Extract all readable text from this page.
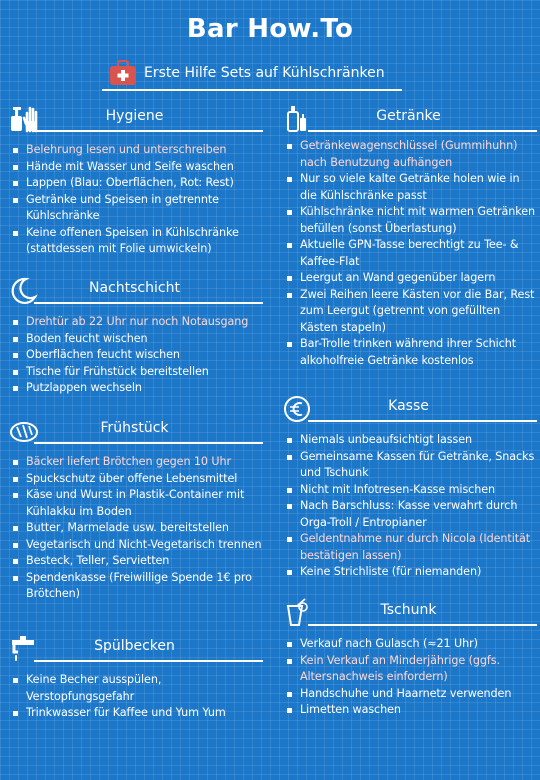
Bar How.To
Erste Hilfe Sets auf Kühlschränken
Hygiene
Belehrung lesen und unterschreiben
Hände mit Wasser und Seife waschen
Lappen (Blau: Oberflächen, Rot: Rest)
Getränke und Speisen in getrennte Kühlschränke
Keine offenen Speisen in Kühlschränke (stattdessen mit Folie umwickeln)
Nachtschicht
Drehtür ab 22 Uhr nur noch Notausgang
Boden feucht wischen
Oberflächen feucht wischen
Tische für Frühstück bereitstellen
Putzlappen wechseln
Frühstück
Bäcker liefert Brötchen gegen 10 Uhr
Spuckschutz über offene Lebensmittel
Käse und Wurst in Plastik-Container mit Kühlakku im Boden
Butter, Marmelade usw. bereitstellen
Vegetarisch und Nicht-Vegetarisch trennen
Besteck, Teller, Servietten
Spendenkasse (Freiwillige Spende 1€ pro Brötchen)
Spülbecken
Keine Becher ausspülen, Verstopfungsgefahr
Trinkwasser für Kaffee und Yum Yum
Getränke
Getränkewagenschlüssel (Gummihuhn) nach Benutzung aufhängen
Nur so viele kalte Getränke holen wie in die Kühlschränke passt
Kühlschränke nicht mit warmen Getränken befüllen (sonst Überlastung)
Aktuelle GPN-Tasse berechtigt zu Tee- & Kaffee-Flat
Leergut an Wand gegenüber lagern
Zwei Reihen leere Kästen vor die Bar, Rest zum Leergut (getrennt von gefüllten Kästen stapeln)
Bar-Trolle trinken während ihrer Schicht alkoholfreie Getränke kostenlos
Kasse
Niemals unbeaufsichtigt lassen
Gemeinsame Kassen für Getränke, Snacks und Tschunk
Nicht mit Infotresen-Kasse mischen
Nach Barschluss: Kasse verwahrt durch Orga-Troll / Entropianer
Geldentnahme nur durch Nicola (Identität bestätigen lassen)
Keine Strichliste (für niemanden)
Tschunk
Verkauf nach Gulasch (≈21 Uhr)
Kein Verkauf an Minderjährige (ggfs. Altersnachweis einfordern)
Handschuhe und Haarnetz verwenden
Limetten waschen
